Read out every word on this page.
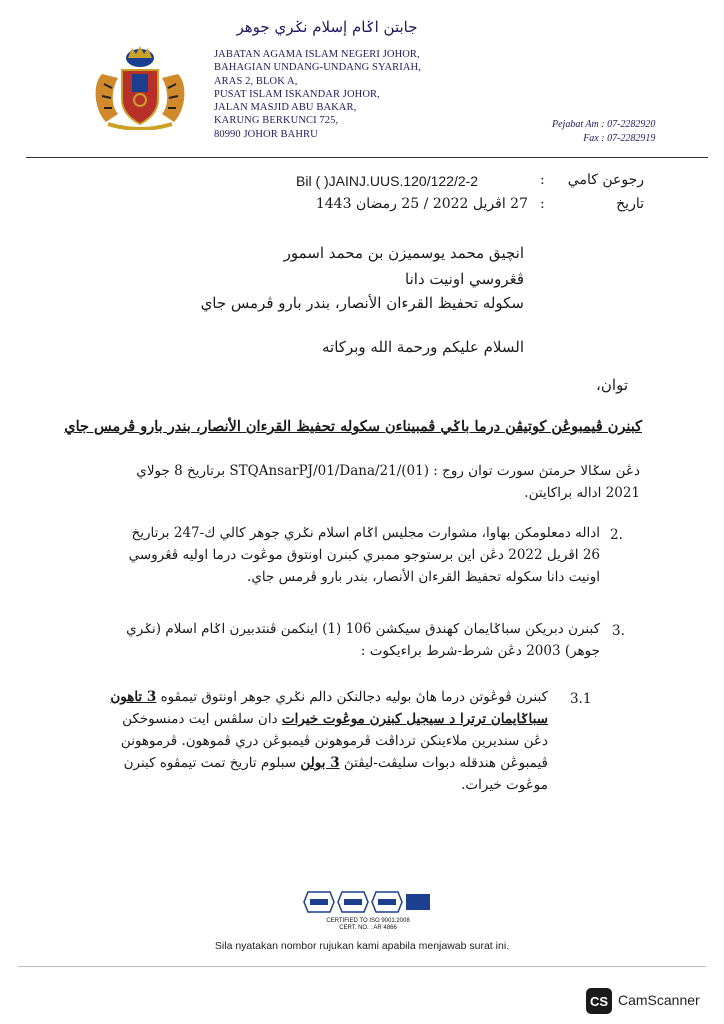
جابتن اݢام إسلام نݢري جوهر
JABATAN AGAMA ISLAM NEGERI JOHOR,
BAHAGIAN UNDANG-UNDANG SYARIAH,
ARAS 2, BLOK A,
PUSAT ISLAM ISKANDAR JOHOR,
JALAN MASJID ABU BAKAR,
KARUNG BERKUNCI 725,
80990 JOHOR BAHRU
Pejabat Am : 07-2282920
Fax : 07-2282919
رجوعن كامي
:
Bil ( )JAINJ.UUS.120/122/2-2
تاريخ
:
27 اڤريل 2022 / 25 رمضان 1443
انچيق محمد يوسميزن بن محمد اسمور
ڤڠروسي اونيت دانا
سکوله تحفيظ القرءان الأنصار، بندر بارو ڤرمس جاي
السلام عليكم ورحمة الله وبركاته
توان،
كبنرن ڤيمبوڠن كوتيڤن درما باݢي ڤمبيناءن سکوله تحفيظ القرءان الأنصار، بندر بارو ڤرمس جاي
دڠن سݢالا حرمتڽ سورت توان روج : STQAnsarPJ/01/Dana/21/(01) برتاريخ 8 جولاي 2021 اداله براكايتن.
2.
اداله دمعلومكن بهاوا، مشوارت مجليس اݢام اسلام نݢري جوهر كالي ك-247 برتاريخ 26 اڤريل 2022 دڠن اين برستوجو ممبري كبنرن اونتوق موڠوت درما اوليه ڤڠروسي اونيت دانا سکوله تحفيظ القرءان الأنصار، بندر بارو ڤرمس جاي.
3.
كبنرن دبريكن سباݢايمان كهندق سيكشن 106 (1) اينكمن ڤنتدبيرن اݢام اسلام (نݢري جوهر) 2003 دڠن شرط-شرط براءيكوت :
3.1
كبنرن ڤوڠوتن درما هاڽ بوليه دجالنكن دالم نݢري جوهر اونتوق تيمڤوه 3 تاهون
سباݢايمان ترترا د سيجيل كبنرن موڠوت خيرات دان سلڤس ايت دمنسوخكن
دڠن سنديرين ملاءينكن ترداڤت ڤرموهونن ڤيمبوڠن دري ڤموهون. ڤرموهونن
ڤيمبوڠن هندقله دبوات سليڤت-ليڤتڽ 3 بولن سبلوم تاريخ تمت تيمڤوه كبنرن
موڠوت خيرات.
CERTIFIED TO ISO 9001:2008
CERT. NO. : AR 4866
Sila nyatakan nombor rujukan kami apabila menjawab surat ini.
CS CamScanner
